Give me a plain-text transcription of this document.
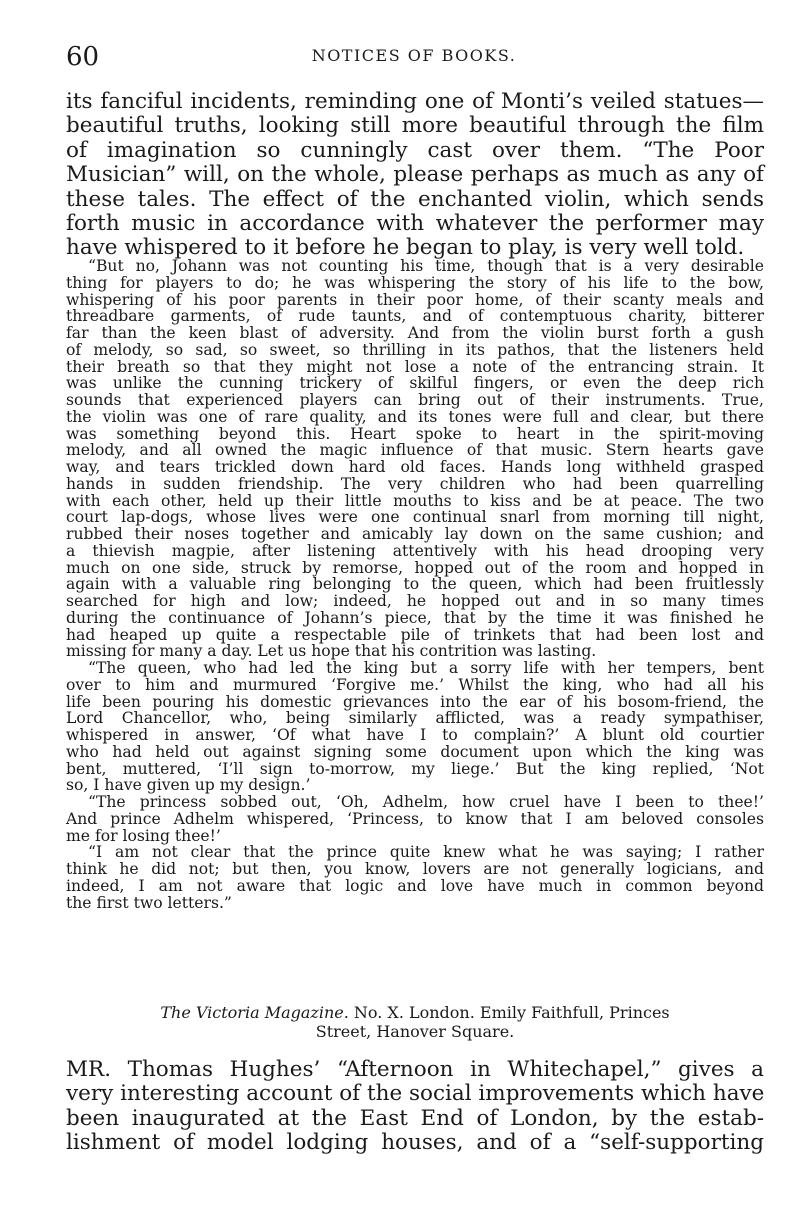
60	NOTICES OF BOOKS.
its fanciful incidents, reminding one of Monti’s veiled statues—
beautiful truths, looking still more beautiful through the film
of imagination so cunningly cast over them. “The Poor
Musician” will, on the whole, please perhaps as much as any of
these tales. The effect of the enchanted violin, which sends
forth music in accordance with whatever the performer may
have whispered to it before he began to play, is very well told.
“But no, Johann was not counting his time, though that is a very desirable
thing for players to do; he was whispering the story of his life to the bow,
whispering of his poor parents in their poor home, of their scanty meals and
threadbare garments, of rude taunts, and of contemptuous charity, bitterer
far than the keen blast of adversity. And from the violin burst forth a gush
of melody, so sad, so sweet, so thrilling in its pathos, that the listeners held
their breath so that they might not lose a note of the entrancing strain. It
was unlike the cunning trickery of skilful fingers, or even the deep rich
sounds that experienced players can bring out of their instruments. True,
the violin was one of rare quality, and its tones were full and clear, but there
was something beyond this. Heart spoke to heart in the spirit-moving
melody, and all owned the magic influence of that music. Stern hearts gave
way, and tears trickled down hard old faces. Hands long withheld grasped
hands in sudden friendship. The very children who had been quarrelling
with each other, held up their little mouths to kiss and be at peace. The two
court lap-dogs, whose lives were one continual snarl from morning till night,
rubbed their noses together and amicably lay down on the same cushion; and
a thievish magpie, after listening attentively with his head drooping very
much on one side, struck by remorse, hopped out of the room and hopped in
again with a valuable ring belonging to the queen, which had been fruitlessly
searched for high and low; indeed, he hopped out and in so many times
during the continuance of Johann’s piece, that by the time it was finished he
had heaped up quite a respectable pile of trinkets that had been lost and
missing for many a day. Let us hope that his contrition was lasting.
“The queen, who had led the king but a sorry life with her tempers, bent
over to him and murmured ‘Forgive me.’ Whilst the king, who had all his
life been pouring his domestic grievances into the ear of his bosom-friend, the
Lord Chancellor, who, being similarly afflicted, was a ready sympathiser,
whispered in answer, ‘Of what have I to complain?’ A blunt old courtier
who had held out against signing some document upon which the king was
bent, muttered, ‘I’ll sign to-morrow, my liege.’ But the king replied, ‘Not
so, I have given up my design.’
“The princess sobbed out, ‘Oh, Adhelm, how cruel have I been to thee!’
And prince Adhelm whispered, ‘Princess, to know that I am beloved consoles
me for losing thee!’
“I am not clear that the prince quite knew what he was saying; I rather
think he did not; but then, you know, lovers are not generally logicians, and
indeed, I am not aware that logic and love have much in common beyond
the first two letters.”
The Victoria Magazine. No. X. London. Emily Faithfull, Princes
Street, Hanover Square.
MR. Thomas Hughes’ “Afternoon in Whitechapel,” gives a
very interesting account of the social improvements which have
been inaugurated at the East End of London, by the estab-
lishment of model lodging houses, and of a “self-supporting
